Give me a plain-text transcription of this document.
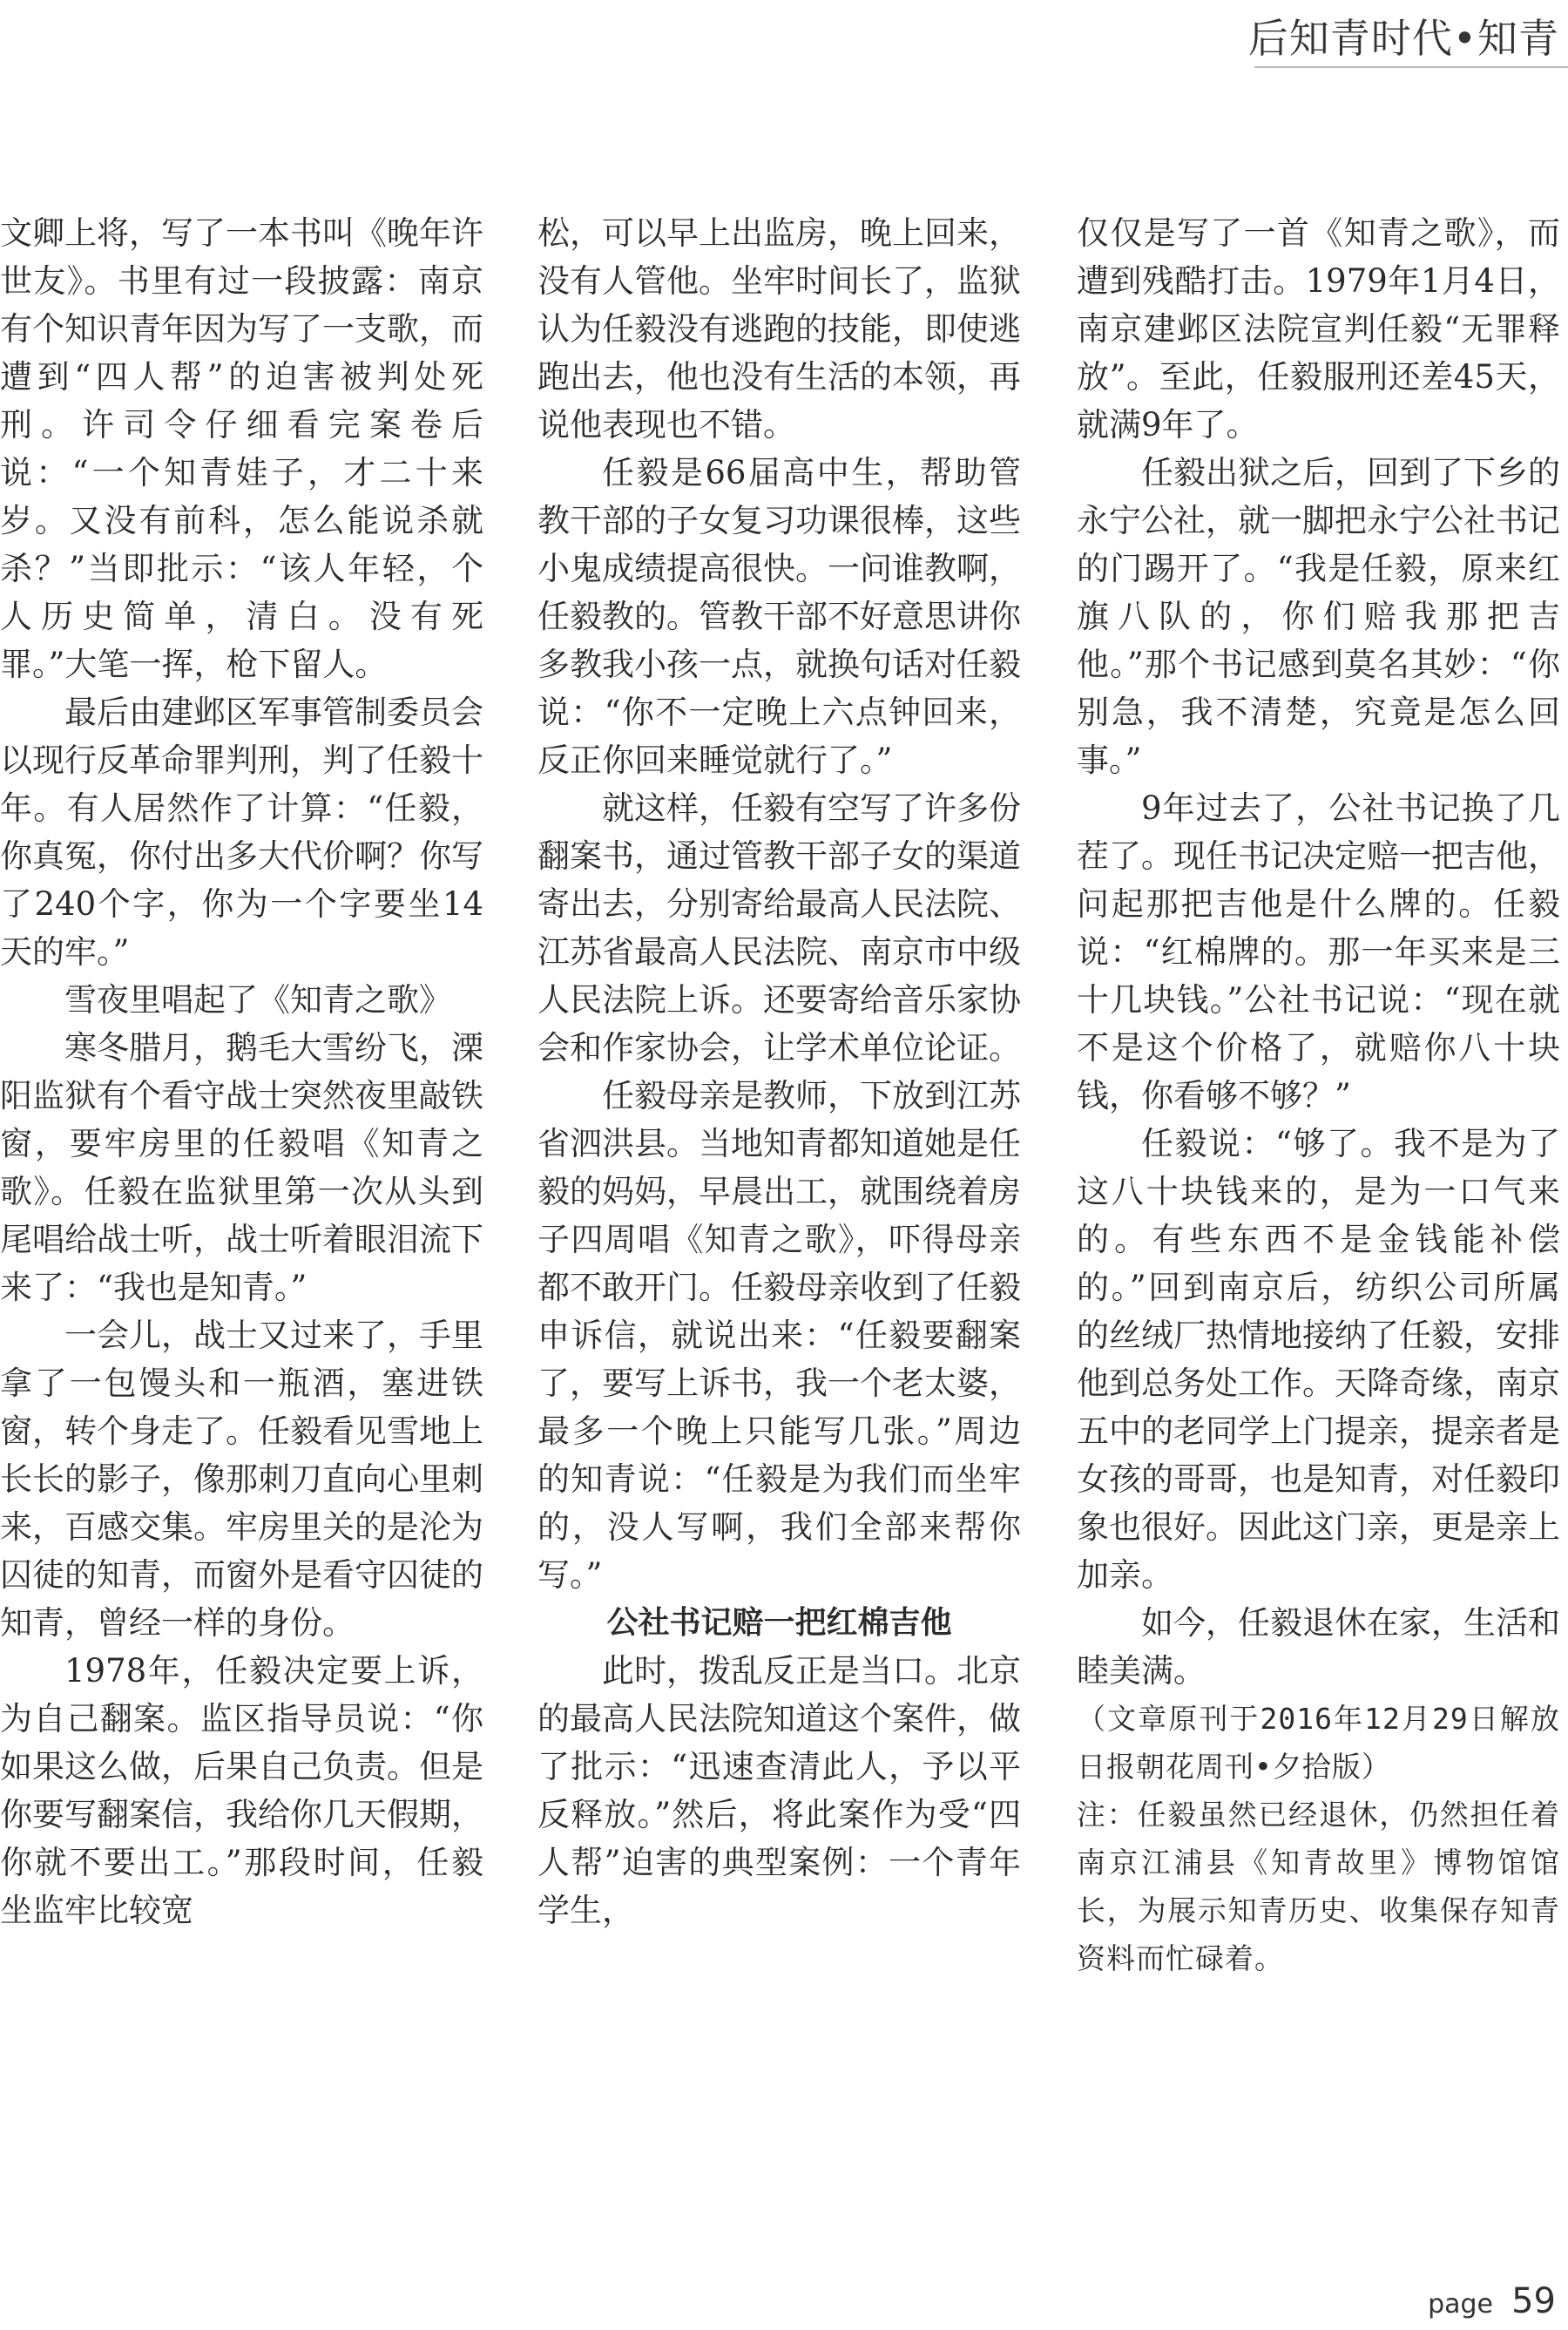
后知青时代•知青

文卿上将，写了一本书叫《晚年许世友》。书里有过一段披露：南京有个知识青年因为写了一支歌，而遭到“四人帮”的迫害被判处死刑。许司令仔细看完案卷后说：“一个知青娃子，才二十来岁。又没有前科，怎么能说杀就杀？”当即批示：“该人年轻，个人历史简单，清白。没有死罪。”大笔一挥，枪下留人。

最后由建邺区军事管制委员会以现行反革命罪判刑，判了任毅十年。有人居然作了计算：“任毅，你真冤，你付出多大代价啊？你写了240个字，你为一个字要坐14天的牢。”

雪夜里唱起了《知青之歌》

寒冬腊月，鹅毛大雪纷飞，溧阳监狱有个看守战士突然夜里敲铁窗，要牢房里的任毅唱《知青之歌》。任毅在监狱里第一次从头到尾唱给战士听，战士听着眼泪流下来了：“我也是知青。”

一会儿，战士又过来了，手里拿了一包馒头和一瓶酒，塞进铁窗，转个身走了。任毅看见雪地上长长的影子，像那刺刀直向心里刺来，百感交集。牢房里关的是沦为囚徒的知青，而窗外是看守囚徒的知青，曾经一样的身份。

1978年，任毅决定要上诉，为自己翻案。监区指导员说：“你如果这么做，后果自己负责。但是你要写翻案信，我给你几天假期，你就不要出工。”那段时间，任毅坐监牢比较宽

松，可以早上出监房，晚上回来，没有人管他。坐牢时间长了，监狱认为任毅没有逃跑的技能，即使逃跑出去，他也没有生活的本领，再说他表现也不错。

任毅是66届高中生，帮助管教干部的子女复习功课很棒，这些小鬼成绩提高很快。一问谁教啊，任毅教的。管教干部不好意思讲你多教我小孩一点，就换句话对任毅说：“你不一定晚上六点钟回来，反正你回来睡觉就行了。”

就这样，任毅有空写了许多份翻案书，通过管教干部子女的渠道寄出去，分别寄给最高人民法院、江苏省最高人民法院、南京市中级人民法院上诉。还要寄给音乐家协会和作家协会，让学术单位论证。

任毅母亲是教师，下放到江苏省泗洪县。当地知青都知道她是任毅的妈妈，早晨出工，就围绕着房子四周唱《知青之歌》，吓得母亲都不敢开门。任毅母亲收到了任毅申诉信，就说出来：“任毅要翻案了，要写上诉书，我一个老太婆，最多一个晚上只能写几张。”周边的知青说：“任毅是为我们而坐牢的，没人写啊，我们全部来帮你写。”

公社书记赔一把红棉吉他

此时，拨乱反正是当口。北京的最高人民法院知道这个案件，做了批示：“迅速查清此人，予以平反释放。”然后，将此案作为受“四人帮”迫害的典型案例：一个青年学生，

仅仅是写了一首《知青之歌》，而遭到残酷打击。1979年1月4日，南京建邺区法院宣判任毅“无罪释放”。至此，任毅服刑还差45天，就满9年了。

任毅出狱之后，回到了下乡的永宁公社，就一脚把永宁公社书记的门踢开了。“我是任毅，原来红旗八队的，你们赔我那把吉他。”那个书记感到莫名其妙：“你别急，我不清楚，究竟是怎么回事。”

9年过去了，公社书记换了几茬了。现任书记决定赔一把吉他，问起那把吉他是什么牌的。任毅说：“红棉牌的。那一年买来是三十几块钱。”公社书记说：“现在就不是这个价格了，就赔你八十块钱，你看够不够？”

任毅说：“够了。我不是为了这八十块钱来的，是为一口气来的。有些东西不是金钱能补偿的。”回到南京后，纺织公司所属的丝绒厂热情地接纳了任毅，安排他到总务处工作。天降奇缘，南京五中的老同学上门提亲，提亲者是女孩的哥哥，也是知青，对任毅印象也很好。因此这门亲，更是亲上加亲。

如今，任毅退休在家，生活和睦美满。

（文章原刊于2016年12月29日解放日报朝花周刊•夕拾版）

注：任毅虽然已经退休，仍然担任着南京江浦县《知青故里》博物馆馆长，为展示知青历史、收集保存知青资料而忙碌着。

page 59
